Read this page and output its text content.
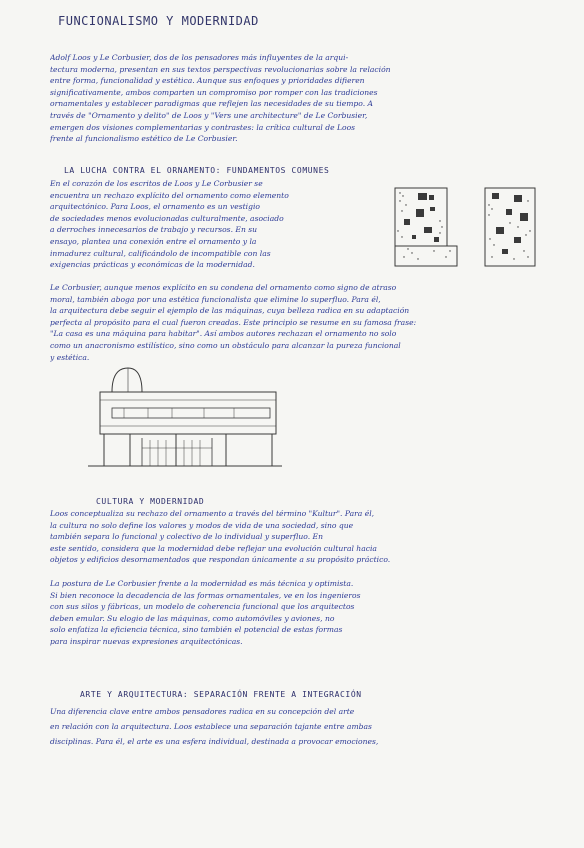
FUNCIONALISMO Y MODERNIDAD
Adolf Loos y Le Corbusier, dos de los pensadores más influyentes de la arqui-
tectura moderna, presentan en sus textos perspectivas revolucionarias sobre la relación
entre forma, funcionalidad y estética. Aunque sus enfoques y prioridades difieren
significativamente, ambos comparten un compromiso por romper con las tradiciones
ornamentales y establecer paradigmas que reflejen las necesidades de su tiempo. A
través de "Ornamento y delito" de Loos y "Vers une architecture" de Le Corbusier,
emergen dos visiones complementarias y contrastes: la crítica cultural de Loos
frente al funcionalismo estético de Le Corbusier.
LA LUCHA CONTRA EL ORNAMENTO: FUNDAMENTOS COMUNES
En el corazón de los escritos de Loos y Le Corbusier se
encuentra un rechazo explícito del ornamento como elemento
arquitectónico. Para Loos, el ornamento es un vestigio
de sociedades menos evolucionadas culturalmente, asociado
a derroches innecesarios de trabajo y recursos. En su
ensayo, plantea una conexión entre el ornamento y la
inmadurez cultural, calificándolo de incompatible con las
exigencias prácticas y económicas de la modernidad.
Le Corbusier, aunque menos explícito en su condena del ornamento como signo de atraso
moral, también aboga por una estética funcionalista que elimine lo superfluo. Para él,
la arquitectura debe seguir el ejemplo de las máquinas, cuya belleza radica en su adaptación
perfecta al propósito para el cual fueron creadas. Este principio se resume en su famosa frase:
"La casa es una máquina para habitar". Así ambos autores rechazan el ornamento no solo
como un anacronismo estilístico, sino como un obstáculo para alcanzar la pureza funcional
y estética.
CULTURA Y MODERNIDAD
Loos conceptualiza su rechazo del ornamento a través del término "Kultur". Para él,
la cultura no solo define los valores y modos de vida de una sociedad, sino que
también separa lo funcional y colectivo de lo individual y superfluo. En
este sentido, considera que la modernidad debe reflejar una evolución cultural hacia
objetos y edificios desornamentados que respondan únicamente a su propósito práctico.
La postura de Le Corbusier frente a la modernidad es más técnica y optimista.
Si bien reconoce la decadencia de las formas ornamentales, ve en los ingenieros
con sus silos y fábricas, un modelo de coherencia funcional que los arquitectos
deben emular. Su elogio de las máquinas, como automóviles y aviones, no
solo enfatiza la eficiencia técnica, sino también el potencial de estas formas
para inspirar nuevas expresiones arquitectónicas.
ARTE Y ARQUITECTURA: SEPARACIÓN FRENTE A INTEGRACIÓN
Una diferencia clave entre ambos pensadores radica en su concepción del arte
en relación con la arquitectura. Loos establece una separación tajante entre ambas
disciplinas. Para él, el arte es una esfera individual, destinada a provocar emociones,
